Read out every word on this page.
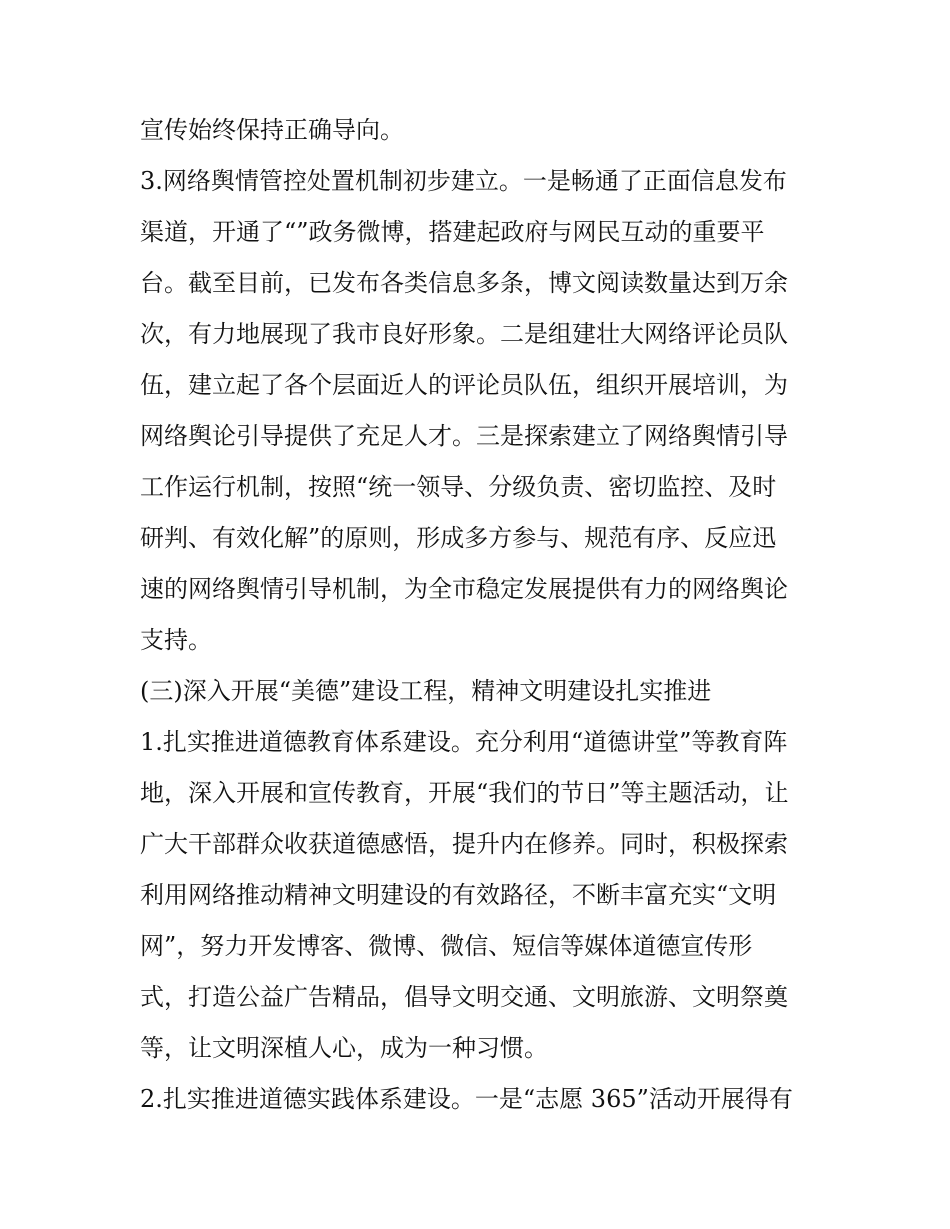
宣传始终保持正确导向。
3.网络舆情管控处置机制初步建立。一是畅通了正面信息发布
渠道，开通了“”政务微博，搭建起政府与网民互动的重要平
台。截至目前，已发布各类信息多条，博文阅读数量达到万余
次，有力地展现了我市良好形象。二是组建壮大网络评论员队
伍，建立起了各个层面近人的评论员队伍，组织开展培训，为
网络舆论引导提供了充足人才。三是探索建立了网络舆情引导
工作运行机制，按照“统一领导、分级负责、密切监控、及时
研判、有效化解”的原则，形成多方参与、规范有序、反应迅
速的网络舆情引导机制，为全市稳定发展提供有力的网络舆论
支持。
(三)深入开展“美德”建设工程，精神文明建设扎实推进
1.扎实推进道德教育体系建设。充分利用“道德讲堂”等教育阵
地，深入开展和宣传教育，开展“我们的节日”等主题活动，让
广大干部群众收获道德感悟，提升内在修养。同时，积极探索
利用网络推动精神文明建设的有效路径，不断丰富充实“文明
网”，努力开发博客、微博、微信、短信等媒体道德宣传形
式，打造公益广告精品，倡导文明交通、文明旅游、文明祭奠
等，让文明深植人心，成为一种习惯。
2.扎实推进道德实践体系建设。一是“志愿 365”活动开展得有
